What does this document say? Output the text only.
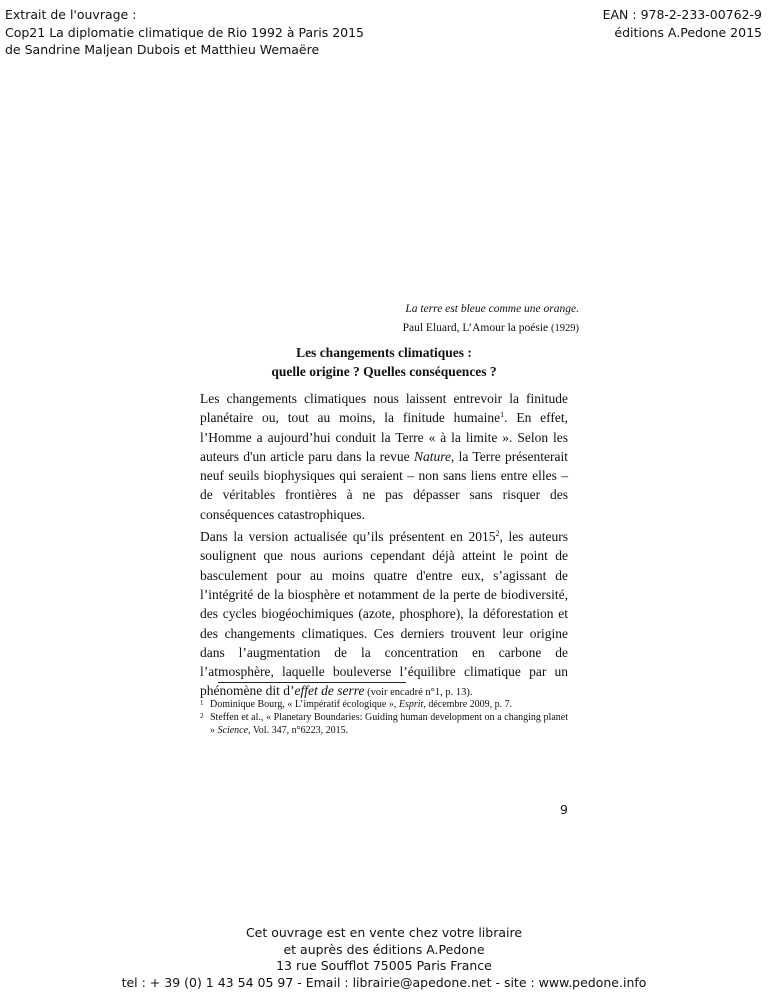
Extrait de l'ouvrage :
Cop21 La diplomatie climatique de Rio 1992 à Paris 2015
de Sandrine Maljean Dubois et Matthieu Wemaëre
EAN : 978-2-233-00762-9
éditions A.Pedone 2015
La terre est bleue comme une orange.
Paul Eluard, L’Amour la poésie (1929)
Les changements climatiques :
quelle origine ? Quelles conséquences ?

Les changements climatiques nous laissent entrevoir la finitude planétaire ou, tout au moins, la finitude humaine$^1$. En effet, l’Homme a aujourd’hui conduit la Terre « à la limite ». Selon les auteurs d'un article paru dans la revue Nature, la Terre présenterait neuf seuils biophysiques qui seraient – non sans liens entre elles – de véritables frontières à ne pas dépasser sans risquer des conséquences catastrophiques.

Dans la version actualisée qu’ils présentent en 2015$^2$, les auteurs soulignent que nous aurions cependant déjà atteint le point de basculement pour au moins quatre d'entre eux, s’agissant de l’intégrité de la biosphère et notamment de la perte de biodiversité, des cycles biogéochimiques (azote, phosphore), la déforestation et des changements climatiques. Ces derniers trouvent leur origine dans l’augmentation de la concentration en carbone de l’atmosphère, laquelle bouleverse l’équilibre climatique par un phénomène dit d’effet de serre (voir encadré n°1, p. 13).

1 Dominique Bourg, « L’impératif écologique », Esprit, décembre 2009, p. 7.
2 Steffen et al., « Planetary Boundaries: Guiding human development on a changing planet » Science, Vol. 347, n°6223, 2015.
9
Cet ouvrage est en vente chez votre libraire
et auprès des éditions A.Pedone
13 rue Soufflot 75005 Paris France
tel : + 39 (0) 1 43 54 05 97 - Email : librairie@apedone.net - site : www.pedone.info
